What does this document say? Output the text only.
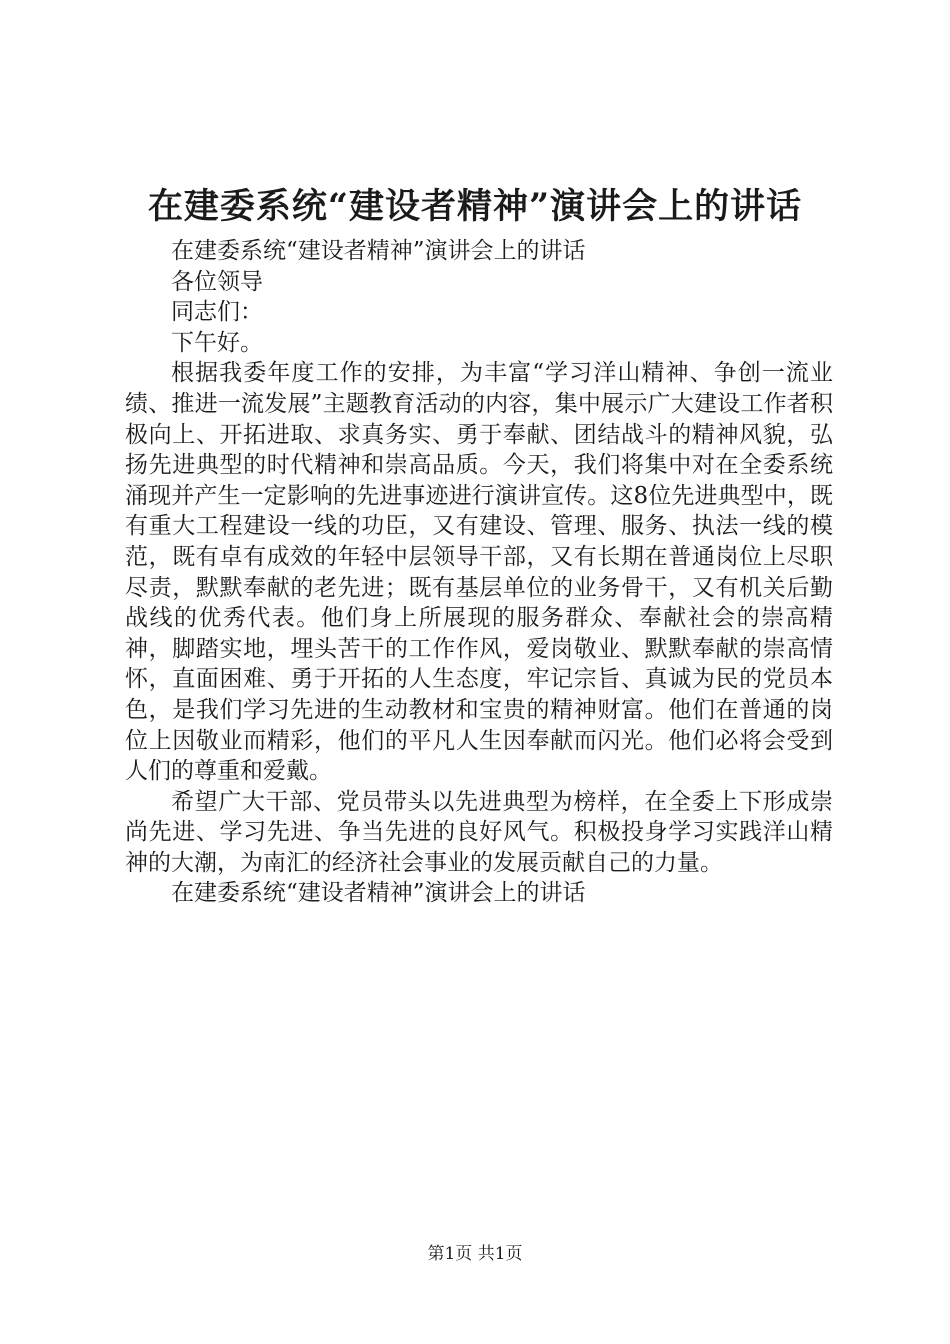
在建委系统“建设者精神”演讲会上的讲话

在建委系统“建设者精神”演讲会上的讲话

各位领导

同志们：

下午好。

根据我委年度工作的安排，为丰富“学习洋山精神、争创一流业绩、推进一流发展”主题教育活动的内容，集中展示广大建设工作者积极向上、开拓进取、求真务实、勇于奉献、团结战斗的精神风貌，弘扬先进典型的时代精神和崇高品质。今天，我们将集中对在全委系统涌现并产生一定影响的先进事迹进行演讲宣传。这8位先进典型中，既有重大工程建设一线的功臣，又有建设、管理、服务、执法一线的模范，既有卓有成效的年轻中层领导干部，又有长期在普通岗位上尽职尽责，默默奉献的老先进；既有基层单位的业务骨干，又有机关后勤战线的优秀代表。他们身上所展现的服务群众、奉献社会的崇高精神，脚踏实地，埋头苦干的工作作风，爱岗敬业、默默奉献的崇高情怀，直面困难、勇于开拓的人生态度，牢记宗旨、真诚为民的党员本色，是我们学习先进的生动教材和宝贵的精神财富。他们在普通的岗位上因敬业而精彩，他们的平凡人生因奉献而闪光。他们必将会受到人们的尊重和爱戴。

希望广大干部、党员带头以先进典型为榜样，在全委上下形成崇尚先进、学习先进、争当先进的良好风气。积极投身学习实践洋山精神的大潮，为南汇的经济社会事业的发展贡献自己的力量。

在建委系统“建设者精神”演讲会上的讲话

第1页 共1页
